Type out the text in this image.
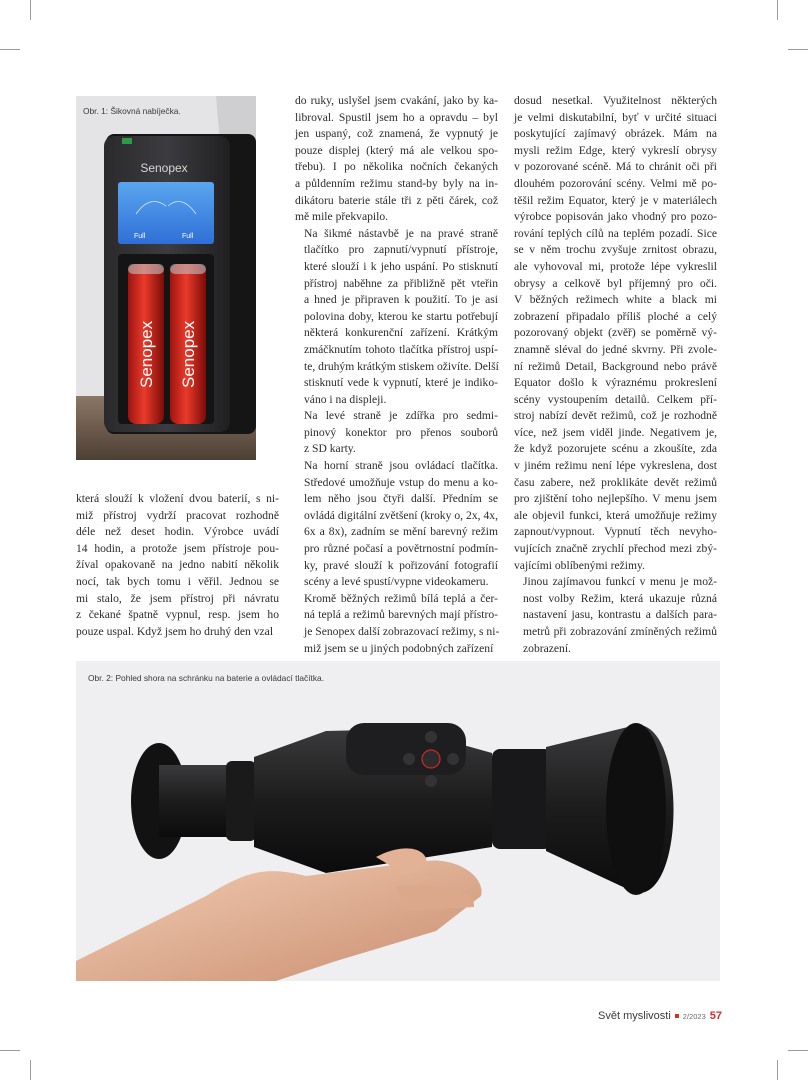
Senopex
Full	Full
Senopex Senopex
Obr. 1: Šikovná nabíječka.

která slouží k vložení dvou baterií, s ni-
miž přístroj vydrží pracovat rozhodně
déle než deset hodin. Výrobce uvádí
14 hodin, a protože jsem přístroje pou-
žíval opakovaně na jedno nabití několik
nocí, tak bych tomu i věřil. Jednou se
mi stalo, že jsem přístroj při návratu
z čekané špatně vypnul, resp. jsem ho
pouze uspal. Když jsem ho druhý den vzal

do ruky, uslyšel jsem cvakání, jako by ka-
libroval. Spustil jsem ho a opravdu – byl
jen uspaný, což znamená, že vypnutý je
pouze displej (který má ale velkou spo-
třebu). I po několika nočních čekaných
a půldenním režimu stand-by byly na in-
dikátoru baterie stále tři z pěti čárek, což
mě mile překvapilo.

Na šikmé nástavbě je na pravé straně
tlačítko pro zapnutí/vypnutí přístroje,
které slouží i k jeho uspání. Po stisknutí
přístroj naběhne za přibližně pět vteřin
a hned je připraven k použití. To je asi
polovina doby, kterou ke startu potřebují
některá konkurenční zařízení. Krátkým
zmáčknutím tohoto tlačítka přístroj uspí-
te, druhým krátkým stiskem oživíte. Delší
stisknutí vede k vypnutí, které je indiko-
váno i na displeji.

Na levé straně je zdířka pro sedmi-
pinový konektor pro přenos souborů
z SD karty.

Na horní straně jsou ovládací tlačítka.
Středové umožňuje vstup do menu a ko-
lem něho jsou čtyři další. Předním se
ovládá digitální zvětšení (kroky o, 2x, 4x,
6x a 8x), zadním se mění barevný režim
pro různé počasí a povětrnostní podmín-
ky, pravé slouží k pořizování fotografií
scény a levé spustí/vypne videokameru.

Kromě běžných režimů bílá teplá a čer-
ná teplá a režimů barevných mají přístro-
je Senopex další zobrazovací režimy, s ni-
miž jsem se u jiných podobných zařízení

dosud nesetkal. Využitelnost některých
je velmi diskutabilní, byť v určité situaci
poskytující zajímavý obrázek. Mám na
mysli režim Edge, který vykreslí obrysy
v pozorované scéně. Má to chránit oči při
dlouhém pozorování scény. Velmi mě po-
těšil režim Equator, který je v materiálech
výrobce popisován jako vhodný pro pozo-
rování teplých cílů na teplém pozadí. Sice
se v něm trochu zvyšuje zrnitost obrazu,
ale vyhovoval mi, protože lépe vykreslil
obrysy a celkově byl příjemný pro oči.
V běžných režimech white a black mi
zobrazení připadalo příliš ploché a celý
pozorovaný objekt (zvěř) se poměrně vý-
znamně sléval do jedné skvrny. Při zvole-
ní režimů Detail, Background nebo právě
Equator došlo k výraznému prokreslení
scény vystoupením detailů. Celkem pří-
stroj nabízí devět režimů, což je rozhodně
více, než jsem viděl jinde. Negativem je,
že když pozorujete scénu a zkoušíte, zda
v jiném režimu není lépe vykreslena, dost
času zabere, než proklikáte devět režimů
pro zjištění toho nejlepšího. V menu jsem
ale objevil funkci, která umožňuje režimy
zapnout/vypnout. Vypnutí těch nevyho-
vujících značně zrychlí přechod mezi zbý-
vajícími oblíbenými režimy.

Jinou zajímavou funkcí v menu je mož-
nost volby Režim, která ukazuje různá
nastavení jasu, kontrastu a dalších para-
metrů při zobrazování zmíněných režimů
zobrazení.

Obr. 2: Pohled shora na schránku na baterie a ovládací tlačítka.
Svět myslivosti 2/2023 57
